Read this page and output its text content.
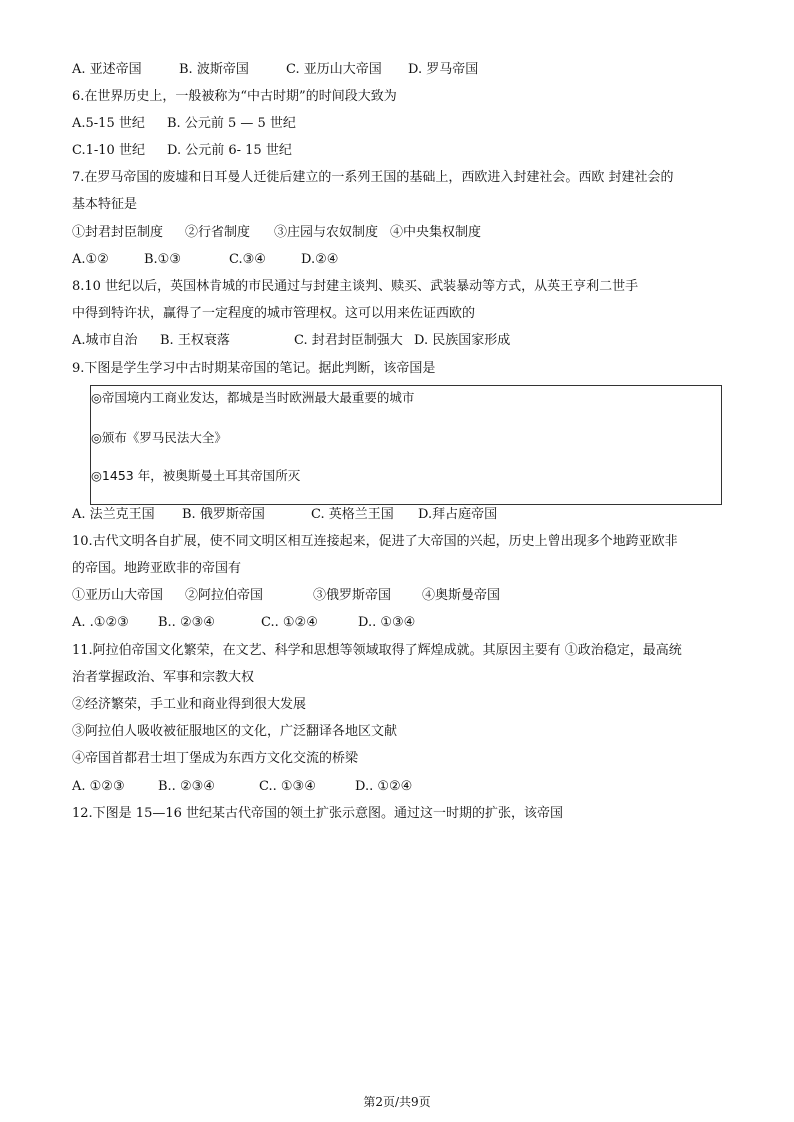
A. 亚述帝国	B. 波斯帝国	C. 亚历山大帝国 D. 罗马帝国
6.在世界历史上，一般被称为“中古时期”的时间段大致为
A.5-15 世纪 B. 公元前 5 — 5 世纪
C.1-10 世纪 D. 公元前 6- 15 世纪
7.在罗马帝国的废墟和日耳曼人迁徙后建立的一系列王国的基础上，西欧进入封建社会。西欧 封建社会的
基本特征是
①封君封臣制度 ②行省制度 ③庄园与农奴制度 ④中央集权制度
A.①②	B.①③	C.③④	D.②④
8.10 世纪以后，英国林肯城的市民通过与封建主谈判、赎买、武装暴动等方式，从英王亨利二世手
中得到特许状，赢得了一定程度的城市管理权。这可以用来佐证西欧的
A.城市自治 B. 王权衰落	C. 封君封臣制强大 D. 民族国家形成
9.下图是学生学习中古时期某帝国的笔记。据此判断，该帝国是
◎帝国境内工商业发达，都城是当时欧洲最大最重要的城市
◎颁布《罗马民法大全》
◎1453 年，被奥斯曼土耳其帝国所灭
A. 法兰克王国 B. 俄罗斯帝国	C. 英格兰王国 D.拜占庭帝国
10.古代文明各自扩展，使不同文明区相互连接起来，促进了大帝国的兴起，历史上曾出现多个地跨亚欧非
的帝国。地跨亚欧非的帝国有
①亚历山大帝国 ②阿拉伯帝国	③俄罗斯帝国 ④奥斯曼帝国
A. .①②③ B.. ②③④	C.. ①②④	D.. ①③④
11.阿拉伯帝国文化繁荣，在文艺、科学和思想等领域取得了辉煌成就。其原因主要有 ①政治稳定，最高统
治者掌握政治、军事和宗教大权
②经济繁荣，手工业和商业得到很大发展
③阿拉伯人吸收被征服地区的文化，广泛翻译各地区文献
④帝国首都君士坦丁堡成为东西方文化交流的桥梁
A. ①②③	B.. ②③④	C.. ①③④	D.. ①②④
12.下图是 15—16 世纪某古代帝国的领土扩张示意图。通过这一时期的扩张，该帝国
第2页/共9页
